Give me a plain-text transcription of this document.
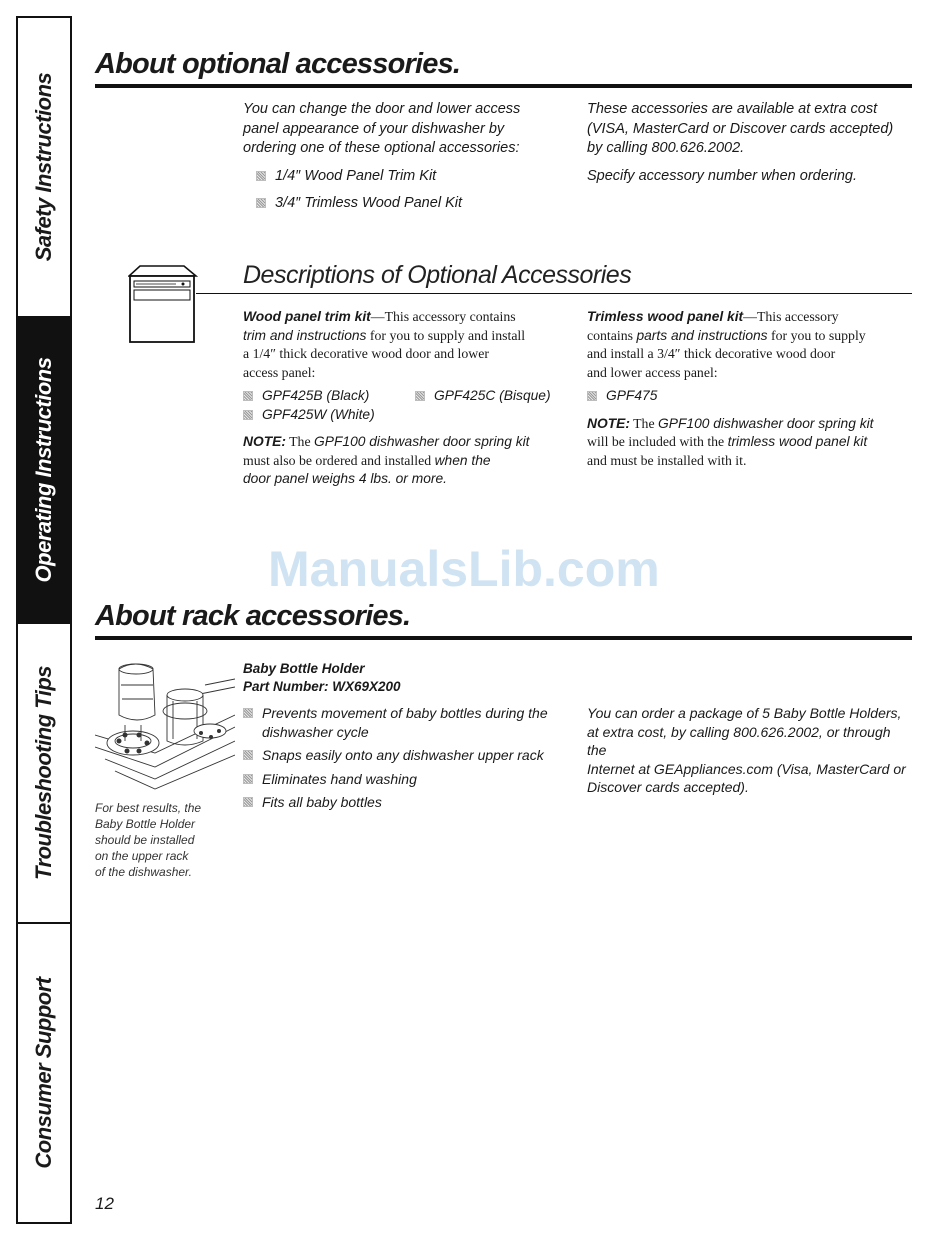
Safety Instructions
Operating Instructions
Troubleshooting Tips
Consumer Support
About optional accessories.
You can change the door and lower access
panel appearance of your dishwasher by
ordering one of these optional accessories:
1/4″ Wood Panel Trim Kit
3/4″ Trimless Wood Panel Kit
These accessories are available at extra cost
(VISA, MasterCard or Discover cards accepted)
by calling 800.626.2002.
Specify accessory number when ordering.
Descriptions of Optional Accessories
Wood panel trim kit—This accessory contains
trim and instructions for you to supply and install
a 1/4″ thick decorative wood door and lower
access panel:
GPF425B (Black)	GPF425C (Bisque)
GPF425W (White)
NOTE: The GPF100 dishwasher door spring kit
must also be ordered and installed when the
door panel weighs 4 lbs. or more.
Trimless wood panel kit—This accessory
contains parts and instructions for you to supply
and install a 3/4″ thick decorative wood door
and lower access panel:
GPF475
NOTE: The GPF100 dishwasher door spring kit
will be included with the trimless wood panel kit
and must be installed with it.
ManualsLib.com
About rack accessories.
For best results, the
Baby Bottle Holder
should be installed
on the upper rack
of the dishwasher.
Baby Bottle Holder
Part Number: WX69X200
Prevents movement of baby bottles during the
dishwasher cycle
Snaps easily onto any dishwasher upper rack
Eliminates hand washing
Fits all baby bottles
You can order a package of 5 Baby Bottle Holders,
at extra cost, by calling 800.626.2002, or through the
Internet at GEAppliances.com (Visa, MasterCard or
Discover cards accepted).
12
